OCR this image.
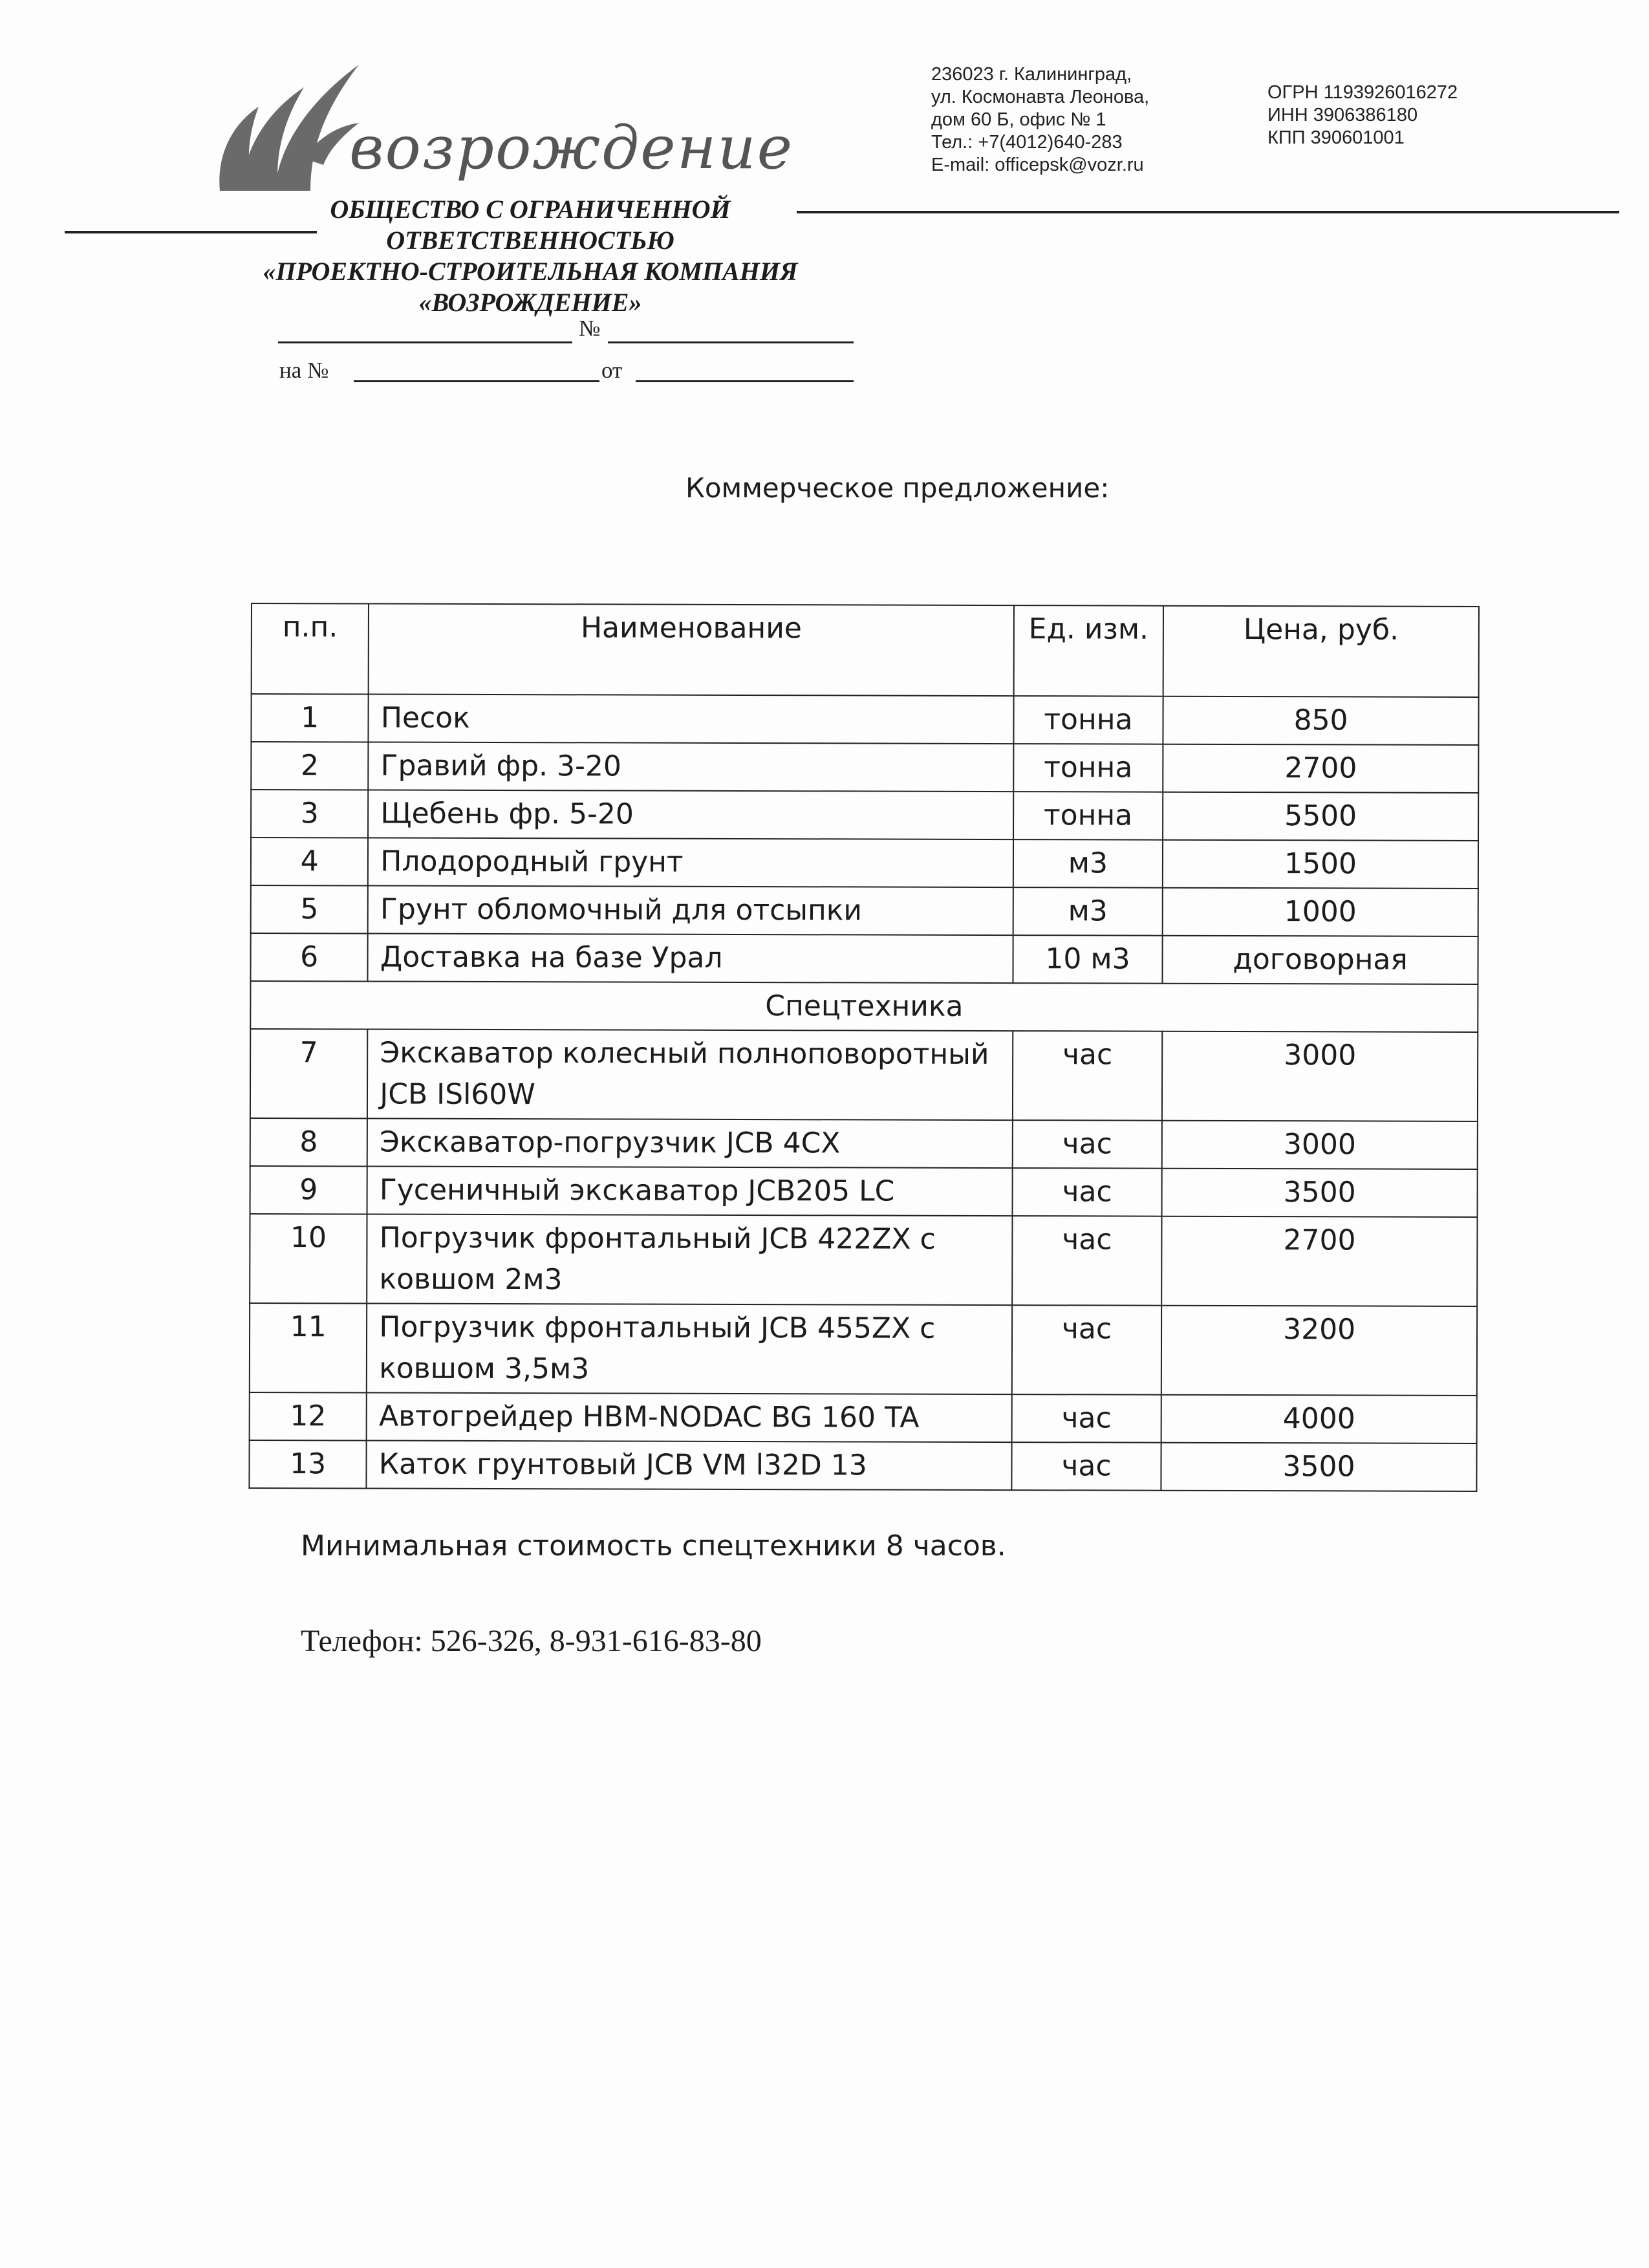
возрождение
236023 г. Калининград,
ул. Космонавта Леонова,
дом 60 Б, офис № 1
Тел.: +7(4012)640-283
E-mail: officepsk@vozr.ru
ОГРН 1193926016272
ИНН 3906386180
КПП 390601001
ОБЩЕСТВО С ОГРАНИЧЕННОЙ
ОТВЕТСТВЕННОСТЬЮ
«ПРОЕКТНО-СТРОИТЕЛЬНАЯ КОМПАНИЯ
«ВОЗРОЖДЕНИЕ»
№
на №	от
Коммерческое предложение:
п.п.	Наименование	Ед. изм.	Цена, руб.
1	Песок	тонна	850
2	Гравий фр. 3-20	тонна	2700
3	Щебень фр. 5-20	тонна	5500
4	Плодородный грунт	м3	1500
5	Грунт обломочный для отсыпки	м3	1000
6	Доставка на базе Урал	10 м3	договорная
Спецтехника			
7	Экскаватор колесный полноповоротный JCB ISl60W	час	3000
8	Экскаватор-погрузчик JCB 4CX	час	3000
9	Гусеничный экскаватор JCB205 LC	час	3500
10	Погрузчик фронтальный JCB 422ZX с ковшом 2м3	час	2700
11	Погрузчик фронтальный JCB 455ZX с ковшом 3,5м3	час	3200
12	Автогрейдер HBM-NODAC BG 160 TA	час	4000
13	Каток грунтовый JCB VM l32D 13	час	3500
Минимальная стоимость спецтехники 8 часов.
Телефон: 526-326, 8-931-616-83-80
